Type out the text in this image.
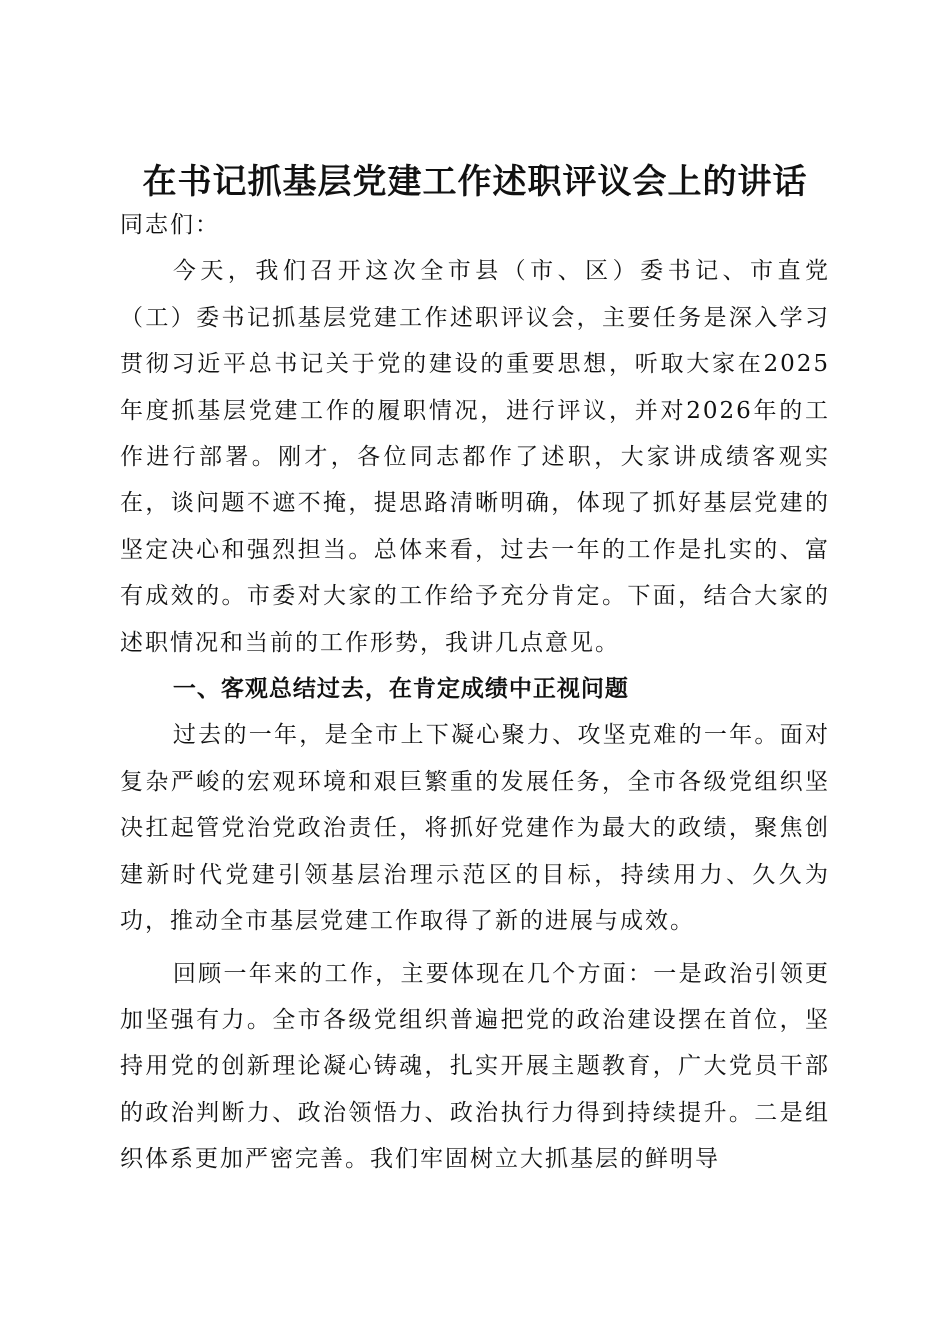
在书记抓基层党建工作述职评议会上的讲话

同志们：

今天，我们召开这次全市县（市、区）委书记、市直党（工）委书记抓基层党建工作述职评议会，主要任务是深入学习贯彻习近平总书记关于党的建设的重要思想，听取大家在2025年度抓基层党建工作的履职情况，进行评议，并对2026年的工作进行部署。刚才，各位同志都作了述职，大家讲成绩客观实在，谈问题不遮不掩，提思路清晰明确，体现了抓好基层党建的坚定决心和强烈担当。总体来看，过去一年的工作是扎实的、富有成效的。市委对大家的工作给予充分肯定。下面，结合大家的述职情况和当前的工作形势，我讲几点意见。

一、客观总结过去，在肯定成绩中正视问题

过去的一年，是全市上下凝心聚力、攻坚克难的一年。面对复杂严峻的宏观环境和艰巨繁重的发展任务，全市各级党组织坚决扛起管党治党政治责任，将抓好党建作为最大的政绩，聚焦创建新时代党建引领基层治理示范区的目标，持续用力、久久为功，推动全市基层党建工作取得了新的进展与成效。

回顾一年来的工作，主要体现在几个方面：一是政治引领更加坚强有力。全市各级党组织普遍把党的政治建设摆在首位，坚持用党的创新理论凝心铸魂，扎实开展主题教育，广大党员干部的政治判断力、政治领悟力、政治执行力得到持续提升。二是组织体系更加严密完善。我们牢固树立大抓基层的鲜明导
